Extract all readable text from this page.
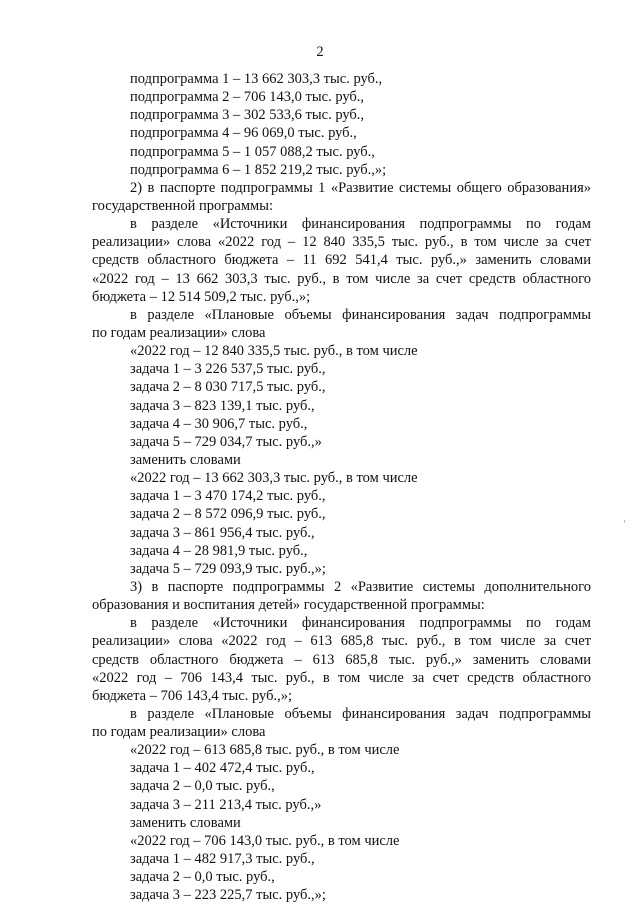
2
подпрограмма 1 – 13 662 303,3 тыс. руб.,
подпрограмма 2 – 706 143,0 тыс. руб.,
подпрограмма 3 – 302 533,6 тыс. руб.,
подпрограмма 4 – 96 069,0 тыс. руб.,
подпрограмма 5 – 1 057 088,2 тыс. руб.,
подпрограмма 6 – 1 852 219,2 тыс. руб.,»;
2) в паспорте подпрограммы 1 «Развитие системы общего образования»
государственной программы:
в разделе «Источники финансирования подпрограммы по годам
реализации» слова «2022 год – 12 840 335,5 тыс. руб., в том числе за счет
средств областного бюджета – 11 692 541,4 тыс. руб.,» заменить словами
«2022 год – 13 662 303,3 тыс. руб., в том числе за счет средств областного
бюджета – 12 514 509,2 тыс. руб.,»;
в разделе «Плановые объемы финансирования задач подпрограммы
по годам реализации» слова
«2022 год – 12 840 335,5 тыс. руб., в том числе
задача 1 – 3 226 537,5 тыс. руб.,
задача 2 – 8 030 717,5 тыс. руб.,
задача 3 – 823 139,1 тыс. руб.,
задача 4 – 30 906,7 тыс. руб.,
задача 5 – 729 034,7 тыс. руб.,»
заменить словами
«2022 год – 13 662 303,3 тыс. руб., в том числе
задача 1 – 3 470 174,2 тыс. руб.,
задача 2 – 8 572 096,9 тыс. руб.,
задача 3 – 861 956,4 тыс. руб.,
задача 4 – 28 981,9 тыс. руб.,
задача 5 – 729 093,9 тыс. руб.,»;
3) в паспорте подпрограммы 2 «Развитие системы дополнительного
образования и воспитания детей» государственной программы:
в разделе «Источники финансирования подпрограммы по годам
реализации» слова «2022 год – 613 685,8 тыс. руб., в том числе за счет
средств областного бюджета – 613 685,8 тыс. руб.,» заменить словами
«2022 год – 706 143,4 тыс. руб., в том числе за счет средств областного
бюджета – 706 143,4 тыс. руб.,»;
в разделе «Плановые объемы финансирования задач подпрограммы
по годам реализации» слова
«2022 год – 613 685,8 тыс. руб., в том числе
задача 1 – 402 472,4 тыс. руб.,
задача 2 – 0,0 тыс. руб.,
задача 3 – 211 213,4 тыс. руб.,»
заменить словами
«2022 год – 706 143,0 тыс. руб., в том числе
задача 1 – 482 917,3 тыс. руб.,
задача 2 – 0,0 тыс. руб.,
задача 3 – 223 225,7 тыс. руб.,»;
